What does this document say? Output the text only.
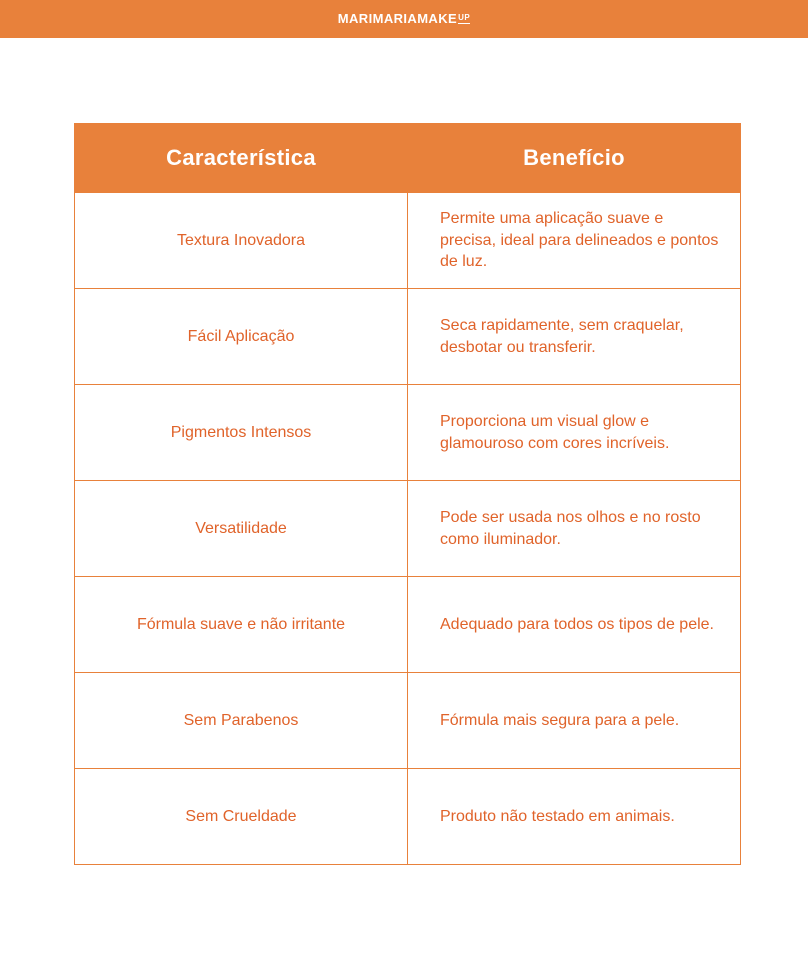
MARIMARIAMAKE UP
Característica	Benefício
Textura Inovadora	Permite uma aplicação suave e precisa, ideal para delineados e pontos de luz.
Fácil Aplicação	Seca rapidamente, sem craquelar, desbotar ou transferir.
Pigmentos Intensos	Proporciona um visual glow e glamouroso com cores incríveis.
Versatilidade	Pode ser usada nos olhos e no rosto como iluminador.
Fórmula suave e não irritante	Adequado para todos os tipos de pele.
Sem Parabenos	Fórmula mais segura para a pele.
Sem Crueldade	Produto não testado em animais.
